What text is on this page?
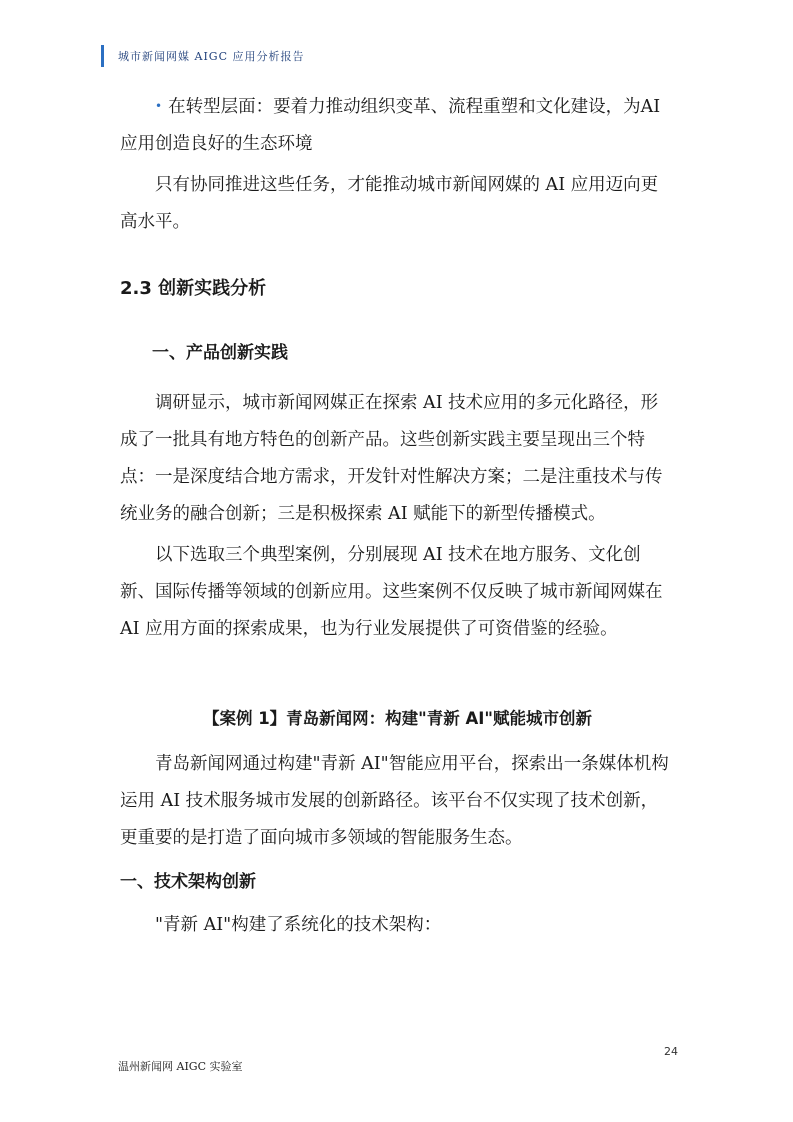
城市新闻网媒 AIGC 应用分析报告

• 在转型层面：要着力推动组织变革、流程重塑和文化建设，为AI 应用创造良好的生态环境

只有协同推进这些任务，才能推动城市新闻网媒的 AI 应用迈向更高水平。

2.3 创新实践分析
一、产品创新实践

调研显示，城市新闻网媒正在探索 AI 技术应用的多元化路径，形成了一批具有地方特色的创新产品。这些创新实践主要呈现出三个特点：一是深度结合地方需求，开发针对性解决方案；二是注重技术与传统业务的融合创新；三是积极探索 AI 赋能下的新型传播模式。

以下选取三个典型案例，分别展现 AI 技术在地方服务、文化创新、国际传播等领域的创新应用。这些案例不仅反映了城市新闻网媒在 AI 应用方面的探索成果，也为行业发展提供了可资借鉴的经验。

【案例 1】青岛新闻网：构建"青新 AI"赋能城市创新

青岛新闻网通过构建"青新 AI"智能应用平台，探索出一条媒体机构运用 AI 技术服务城市发展的创新路径。该平台不仅实现了技术创新，更重要的是打造了面向城市多领域的智能服务生态。

一、技术架构创新

"青新 AI"构建了系统化的技术架构：

24
温州新闻网 AIGC 实验室
